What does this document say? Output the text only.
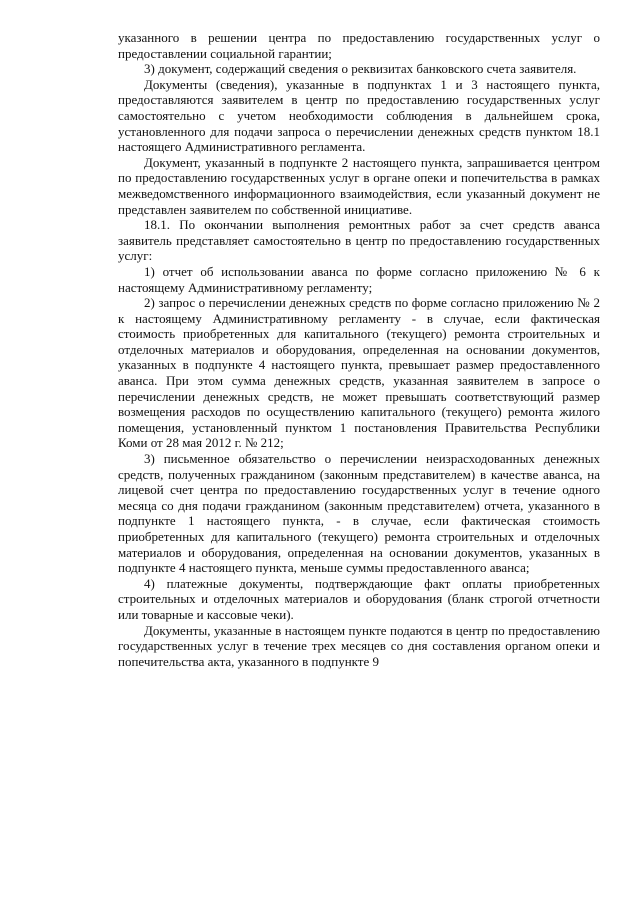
указанного в решении центра по предоставлению государственных услуг о предоставлении социальной гарантии;

3) документ, содержащий сведения о реквизитах банковского счета заявителя.

Документы (сведения), указанные в подпунктах 1 и 3 настоящего пункта, предоставляются заявителем в центр по предоставлению государственных услуг самостоятельно с учетом необходимости соблюдения в дальнейшем срока, установленного для подачи запроса о перечислении денежных средств пунктом 18.1 настоящего Административного регламента.

Документ, указанный в подпункте 2 настоящего пункта, запрашивается центром по предоставлению государственных услуг в органе опеки и попечительства в рамках межведомственного информационного взаимодействия, если указанный документ не представлен заявителем по собственной инициативе.

18.1. По окончании выполнения ремонтных работ за счет средств аванса заявитель представляет самостоятельно в центр по предоставлению государственных услуг:

1) отчет об использовании аванса по форме согласно приложению № 6 к настоящему Административному регламенту;

2) запрос о перечислении денежных средств по форме согласно приложению № 2 к настоящему Административному регламенту - в случае, если фактическая стоимость приобретенных для капитального (текущего) ремонта строительных и отделочных материалов и оборудования, определенная на основании документов, указанных в подпункте 4 настоящего пункта, превышает размер предоставленного аванса. При этом сумма денежных средств, указанная заявителем в запросе о перечислении денежных средств, не может превышать соответствующий размер возмещения расходов по осуществлению капитального (текущего) ремонта жилого помещения, установленный пунктом 1 постановления Правительства Республики Коми от 28 мая 2012 г. № 212;

3) письменное обязательство о перечислении неизрасходованных денежных средств, полученных гражданином (законным представителем) в качестве аванса, на лицевой счет центра по предоставлению государственных услуг в течение одного месяца со дня подачи гражданином (законным представителем) отчета, указанного в подпункте 1 настоящего пункта, - в случае, если фактическая стоимость приобретенных для капитального (текущего) ремонта строительных и отделочных материалов и оборудования, определенная на основании документов, указанных в подпункте 4 настоящего пункта, меньше суммы предоставленного аванса;

4) платежные документы, подтверждающие факт оплаты приобретенных строительных и отделочных материалов и оборудования (бланк строгой отчетности или товарные и кассовые чеки).

Документы, указанные в настоящем пункте подаются в центр по предоставлению государственных услуг в течение трех месяцев со дня составления органом опеки и попечительства акта, указанного в подпункте 9
